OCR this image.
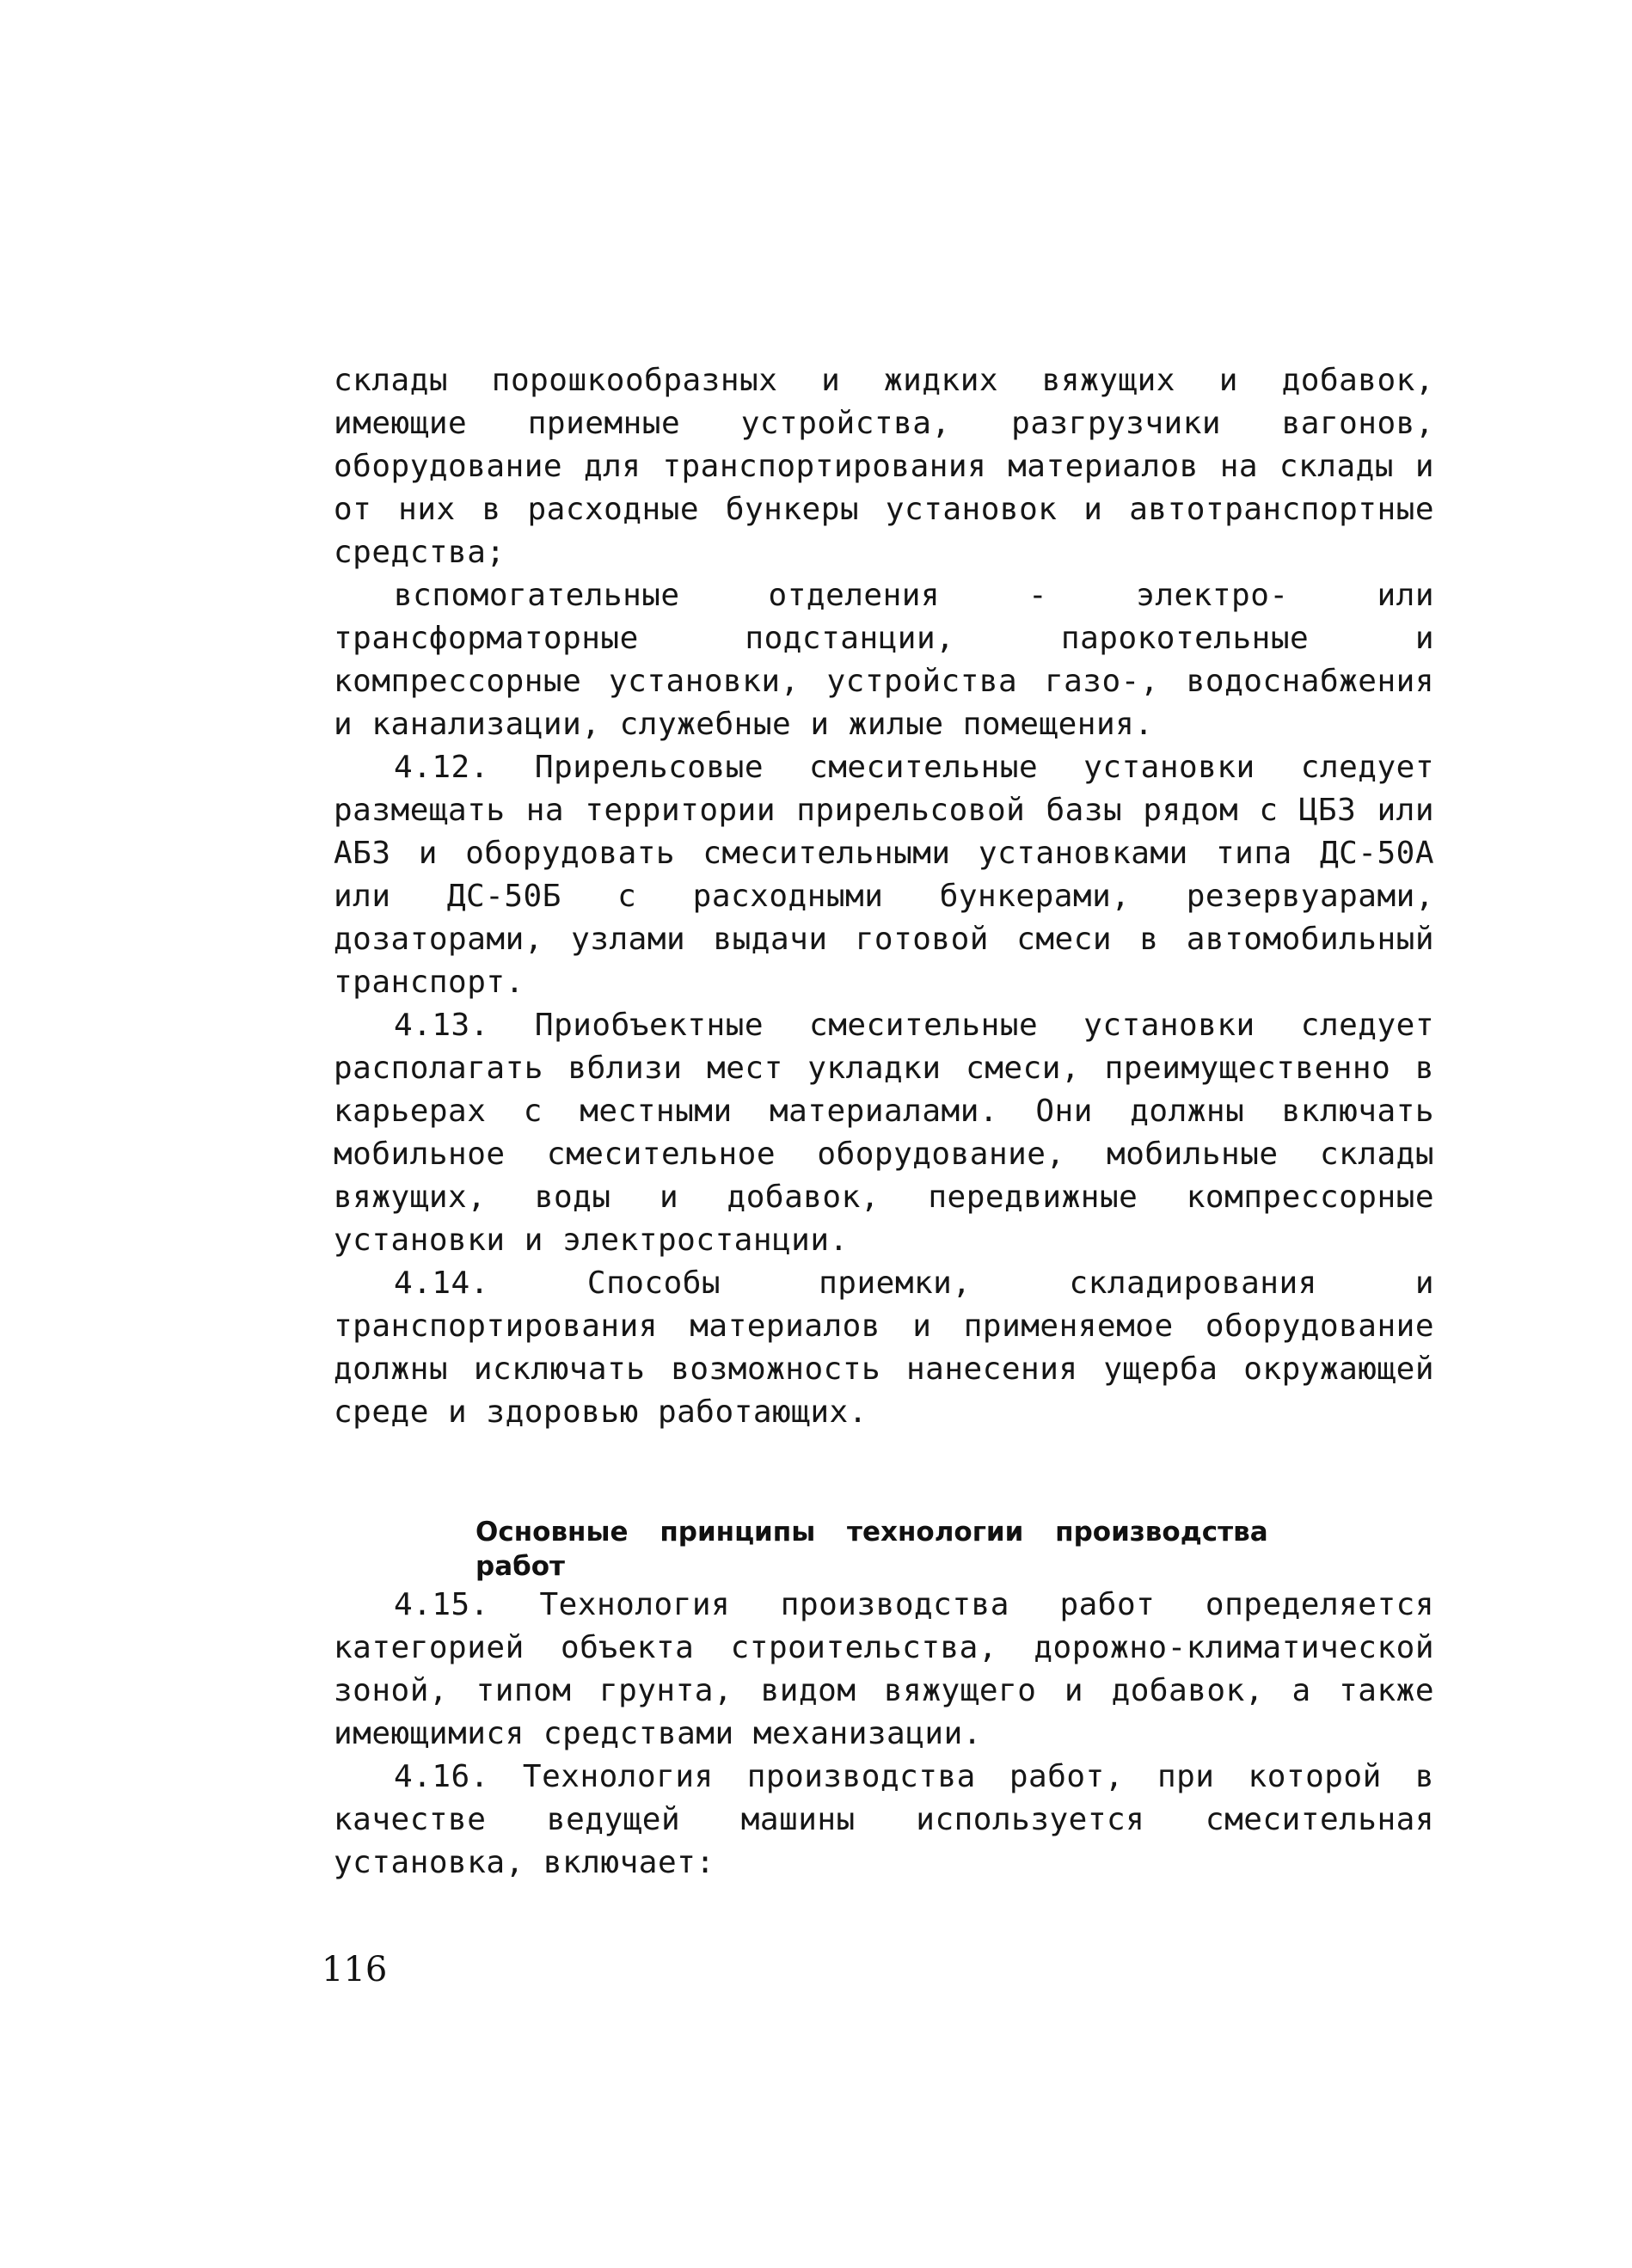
склады порошкообразных и жидких вяжущих и добавок, имеющие приемные устройства, разгрузчики вагонов, оборудование для транспортирования материалов на склады и от них в расходные бункеры установок и автотранспортные средства;

вспомогательные отделения - электро- или трансформаторные подстанции, парокотельные и компрессорные установки, устройства газо-, водоснабжения и канализации, служебные и жилые помещения.

4.12. Прирельсовые смесительные установки следует размещать на территории прирельсовой базы рядом с ЦБЗ или АБЗ и оборудовать смесительными установками типа ДС-50А или ДС-50Б с расходными бункерами, резервуарами, дозаторами, узлами выдачи готовой смеси в автомобильный транспорт.

4.13. Приобъектные смесительные установки следует располагать вблизи мест укладки смеси, преимущественно в карьерах с местными материалами. Они должны включать мобильное смесительное оборудование, мобильные склады вяжущих, воды и добавок, передвижные компрессорные установки и электростанции.

4.14. Способы приемки, складирования и транспортирования материалов и применяемое оборудование должны исключать возможность нанесения ущерба окружающей среде и здоровью работающих.

Основные принципы технологии производства работ

4.15. Технология производства работ определяется категорией объекта строительства, дорожно-климатической зоной, типом грунта, видом вяжущего и добавок, а также имеющимися средствами механизации.

4.16. Технология производства работ, при которой в качестве ведущей машины используется смесительная установка, включает:

116
